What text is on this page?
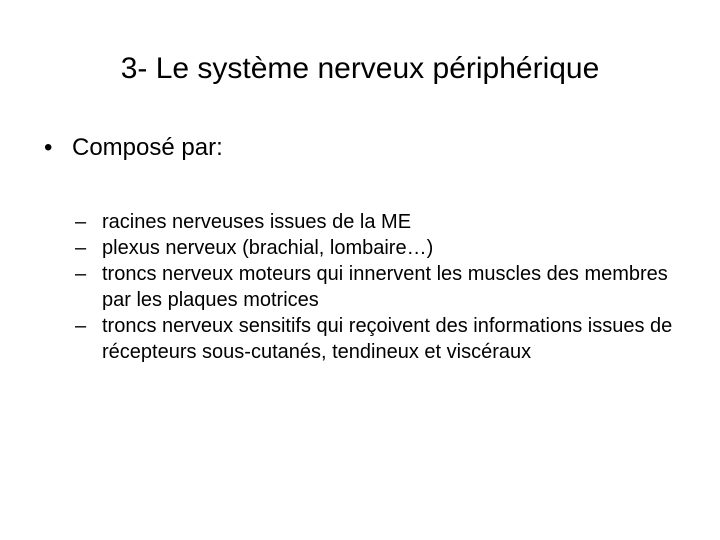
3- Le système nerveux périphérique
• Composé par:
– racines nerveuses issues de la ME
– plexus nerveux (brachial, lombaire…)
– troncs nerveux moteurs qui innervent les muscles des membres par les plaques motrices
– troncs nerveux sensitifs qui reçoivent des informations issues de récepteurs sous-cutanés, tendineux et viscéraux
